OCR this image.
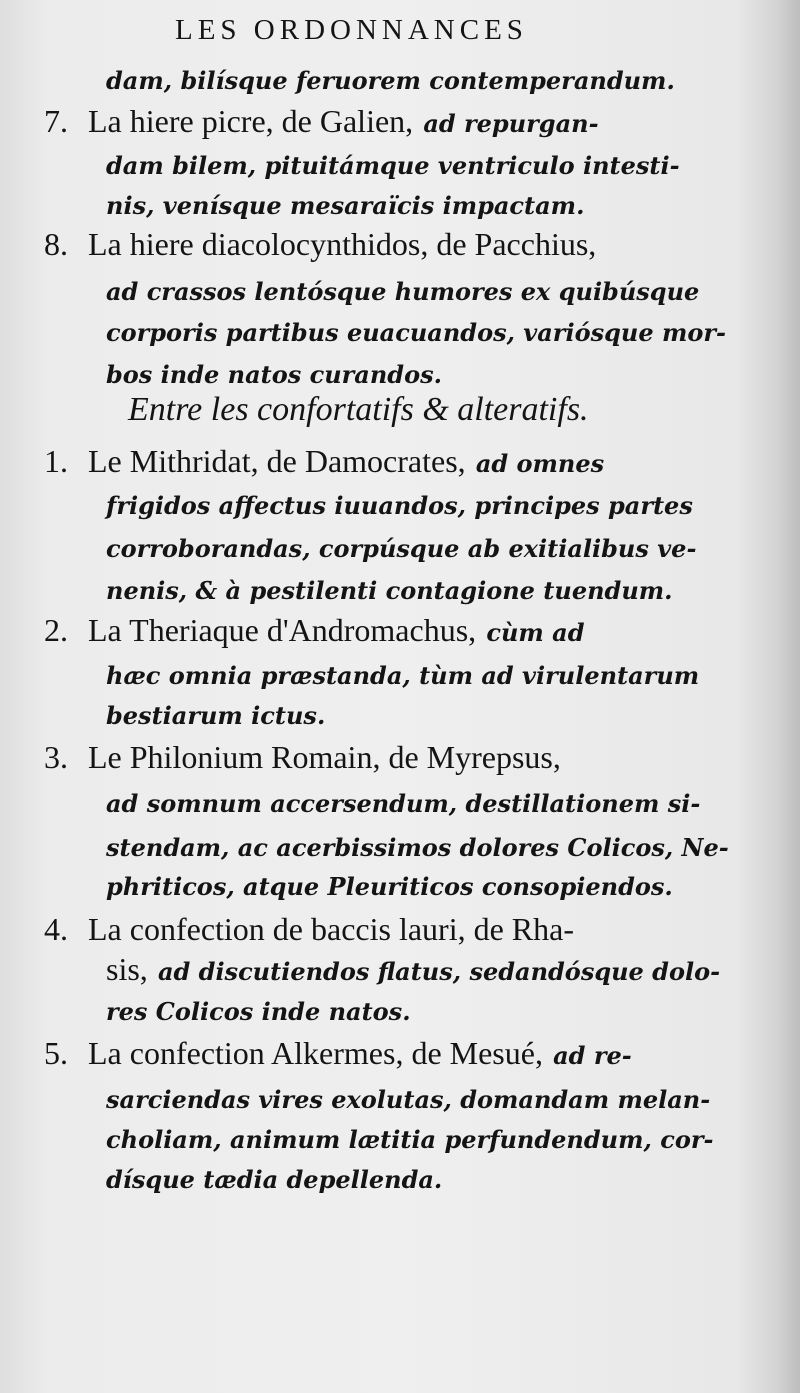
LES ORDONNANCES
Entre les confortatifs & alteratifs.
dam, bilísque feruorem contemperandum.
7. La hiere picre, de Galien, ad repurgan-
dam bilem, pituitámque ventriculo intesti-
nis, venísque mesaraïcis impactam.
8. La hiere diacolocynthidos, de Pacchius,
ad crassos lentósque humores ex quibúsque
corporis partibus euacuandos, variósque mor-
bos inde natos curandos.
1. Le Mithridat, de Damocrates, ad omnes
frigidos affectus iuuandos, principes partes
corroborandas, corpúsque ab exitialibus ve-
nenis, & à pestilenti contagione tuendum.
2. La Theriaque d'Andromachus, cùm ad
hæc omnia præstanda, tùm ad virulentarum
bestiarum ictus.
3. Le Philonium Romain, de Myrepsus,
ad somnum accersendum, destillationem si-
stendam, ac acerbissimos dolores Colicos, Ne-
phriticos, atque Pleuriticos consopiendos.
4. La confection de baccis lauri, de Rha-
sis, ad discutiendos flatus, sedandósque dolo-
res Colicos inde natos.
5. La confection Alkermes, de Mesué, ad re-
sarciendas vires exolutas, domandam melan-
choliam, animum lætitia perfundendum, cor-
dísque tædia depellenda.
